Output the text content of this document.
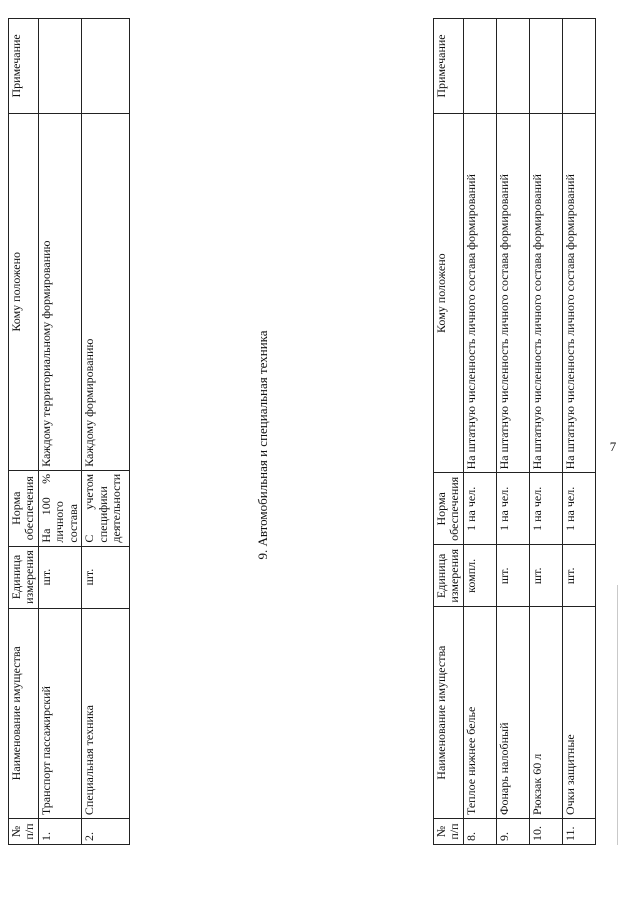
7
№ п/п	Наименование имущества	Единица измерения	Норма обеспечения	Кому положено	Примечание
8.	Теплое нижнее белье	компл.	1 на чел.	На штатную численность личного состава формирований	
9.	Фонарь налобный	шт.	1 на чел.	На штатную численность личного состава формирований	
10.	Рюкзак 60 л	шт.	1 на чел.	На штатную численность личного состава формирований	
11.	Очки защитные	шт.	1 на чел.	На штатную численность личного состава формирований	
9. Автомобильная и специальная техника
№ п/п	Наименование имущества	Единица измерения	Норма обеспечения	Кому положено	Примечание
1.	Транспорт пассажирский	шт.	На 100 % личного состава	Каждому территориальному формированию	
2.	Специальная техника	шт.	С учетом специфики деятельности	Каждому формированию	
